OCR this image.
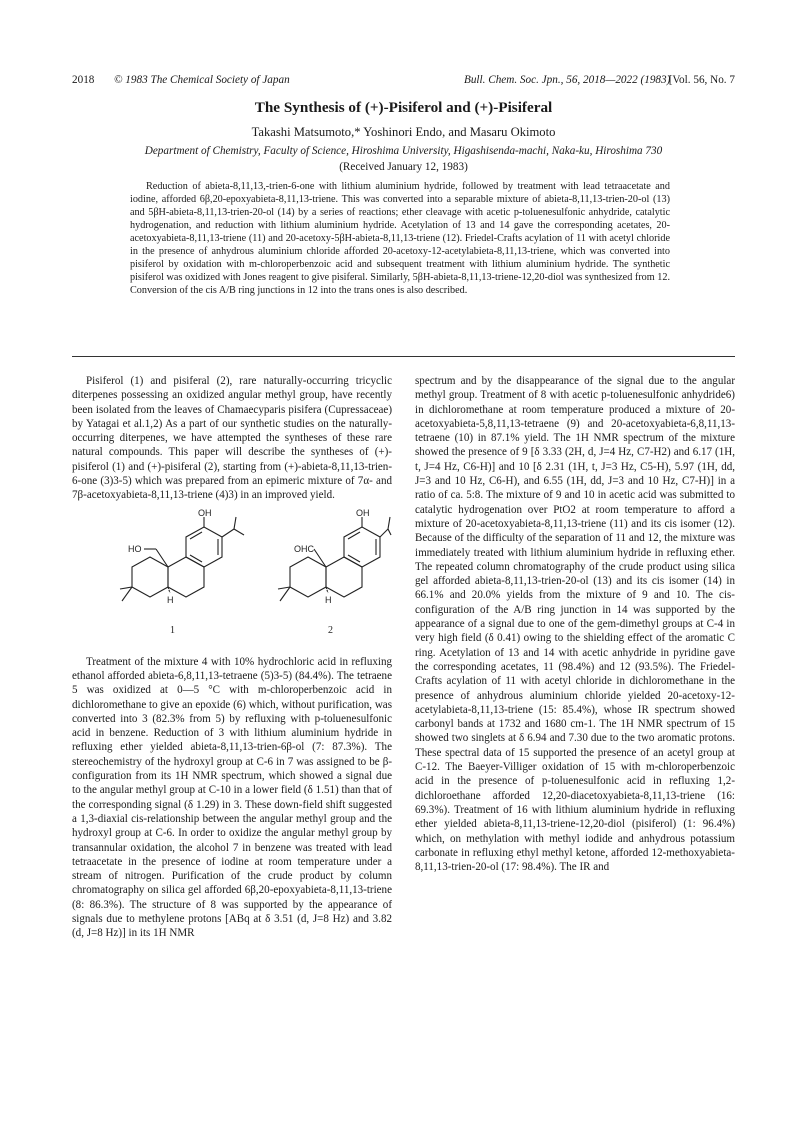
2018 © 1983 The Chemical Society of Japan	Bull. Chem. Soc. Jpn., 56, 2018—2022 (1983)
[Vol. 56, No. 7
The Synthesis of (+)-Pisiferol and (+)-Pisiferal
Takashi Matsumoto,* Yoshinori Endo, and Masaru Okimoto
Department of Chemistry, Faculty of Science, Hiroshima University, Higashisenda-machi, Naka-ku, Hiroshima 730
(Received January 12, 1983)
Reduction of abieta-8,11,13,-trien-6-one with lithium aluminium hydride, followed by treatment with lead tetraacetate and iodine, afforded 6β,20-epoxyabieta-8,11,13-triene. This was converted into a separable mixture of abieta-8,11,13-trien-20-ol (13) and 5βH-abieta-8,11,13-trien-20-ol (14) by a series of reactions; ether cleavage with acetic p-toluenesulfonic anhydride, catalytic hydrogenation, and reduction with lithium aluminium hydride. Acetylation of 13 and 14 gave the corresponding acetates, 20-acetoxyabieta-8,11,13-triene (11) and 20-acetoxy-5βH-abieta-8,11,13-triene (12). Friedel-Crafts acylation of 11 with acetyl chloride in the presence of anhydrous aluminium chloride afforded 20-acetoxy-12-acetylabieta-8,11,13-triene, which was converted into pisiferol by oxidation with m-chloroperbenzoic acid and subsequent treatment with lithium aluminium hydride. The synthetic pisiferol was oxidized with Jones reagent to give pisiferal. Similarly, 5βH-abieta-8,11,13-triene-12,20-diol was synthesized from 12. Conversion of the cis A/B ring junctions in 12 into the trans ones is also described.

Pisiferol (1) and pisiferal (2), rare naturally-occurring tricyclic diterpenes possessing an oxidized angular methyl group, have recently been isolated from the leaves of Chamaecyparis pisifera (Cupressaceae) by Yatagai et al.1,2) As a part of our synthetic studies on the naturally-occurring diterpenes, we have attempted the syntheses of these rare natural compounds. This paper will describe the syntheses of (+)-pisiferol (1) and (+)-pisiferal (2), starting from (+)-abieta-8,11,13-trien-6-one (3)3-5) which was prepared from an epimeric mixture of 7α- and 7β-acetoxyabieta-8,11,13-triene (4)3) in an improved yield.

OH
HO
H
OH
OHC
H
1	2

Treatment of the mixture 4 with 10% hydrochloric acid in refluxing ethanol afforded abieta-6,8,11,13-tetraene (5)3-5) (84.4%). The tetraene 5 was oxidized at 0—5 °C with m-chloroperbenzoic acid in dichloromethane to give an epoxide (6) which, without purification, was converted into 3 (82.3% from 5) by refluxing with p-toluenesulfonic acid in benzene. Reduction of 3 with lithium aluminium hydride in refluxing ether yielded abieta-8,11,13-trien-6β-ol (7: 87.3%). The stereochemistry of the hydroxyl group at C-6 in 7 was assigned to be β-configuration from its 1H NMR spectrum, which showed a signal due to the angular methyl group at C-10 in a lower field (δ 1.51) than that of the corresponding signal (δ 1.29) in 3. These down-field shift suggested a 1,3-diaxial cis-relationship between the angular methyl group and the hydroxyl group at C-6. In order to oxidize the angular methyl group by transannular oxidation, the alcohol 7 in benzene was treated with lead tetraacetate in the presence of iodine at room temperature under a stream of nitrogen. Purification of the crude product by column chromatography on silica gel afforded 6β,20-epoxyabieta-8,11,13-triene (8: 86.3%). The structure of 8 was supported by the appearance of signals due to methylene protons [ABq at δ 3.51 (d, J=8 Hz) and 3.82 (d, J=8 Hz)] in its 1H NMR

spectrum and by the disappearance of the signal due to the angular methyl group. Treatment of 8 with acetic p-toluenesulfonic anhydride6) in dichloromethane at room temperature produced a mixture of 20-acetoxyabieta-5,8,11,13-tetraene (9) and 20-acetoxyabieta-6,8,11,13-tetraene (10) in 87.1% yield. The 1H NMR spectrum of the mixture showed the presence of 9 [δ 3.33 (2H, d, J=4 Hz, C7-H2) and 6.17 (1H, t, J=4 Hz, C6-H)] and 10 [δ 2.31 (1H, t, J=3 Hz, C5-H), 5.97 (1H, dd, J=3 and 10 Hz, C6-H), and 6.55 (1H, dd, J=3 and 10 Hz, C7-H)] in a ratio of ca. 5:8. The mixture of 9 and 10 in acetic acid was submitted to catalytic hydrogenation over PtO2 at room temperature to afford a mixture of 20-acetoxyabieta-8,11,13-triene (11) and its cis isomer (12). Because of the difficulty of the separation of 11 and 12, the mixture was immediately treated with lithium aluminium hydride in refluxing ether. The repeated column chromatography of the crude product using silica gel afforded abieta-8,11,13-trien-20-ol (13) and its cis isomer (14) in 66.1% and 20.0% yields from the mixture of 9 and 10. The cis-configuration of the A/B ring junction in 14 was supported by the appearance of a signal due to one of the gem-dimethyl groups at C-4 in very high field (δ 0.41) owing to the shielding effect of the aromatic C ring. Acetylation of 13 and 14 with acetic anhydride in pyridine gave the corresponding acetates, 11 (98.4%) and 12 (93.5%). The Friedel-Crafts acylation of 11 with acetyl chloride in dichloromethane in the presence of anhydrous aluminium chloride yielded 20-acetoxy-12-acetylabieta-8,11,13-triene (15: 85.4%), whose IR spectrum showed carbonyl bands at 1732 and 1680 cm-1. The 1H NMR spectrum of 15 showed two singlets at δ 6.94 and 7.30 due to the two aromatic protons. These spectral data of 15 supported the presence of an acetyl group at C-12. The Baeyer-Villiger oxidation of 15 with m-chloroperbenzoic acid in the presence of p-toluenesulfonic acid in refluxing 1,2-dichloroethane afforded 12,20-diacetoxyabieta-8,11,13-triene (16: 69.3%). Treatment of 16 with lithium aluminium hydride in refluxing ether yielded abieta-8,11,13-triene-12,20-diol (pisiferol) (1: 96.4%) which, on methylation with methyl iodide and anhydrous potassium carbonate in refluxing ethyl methyl ketone, afforded 12-methoxyabieta-8,11,13-trien-20-ol (17: 98.4%). The IR and
